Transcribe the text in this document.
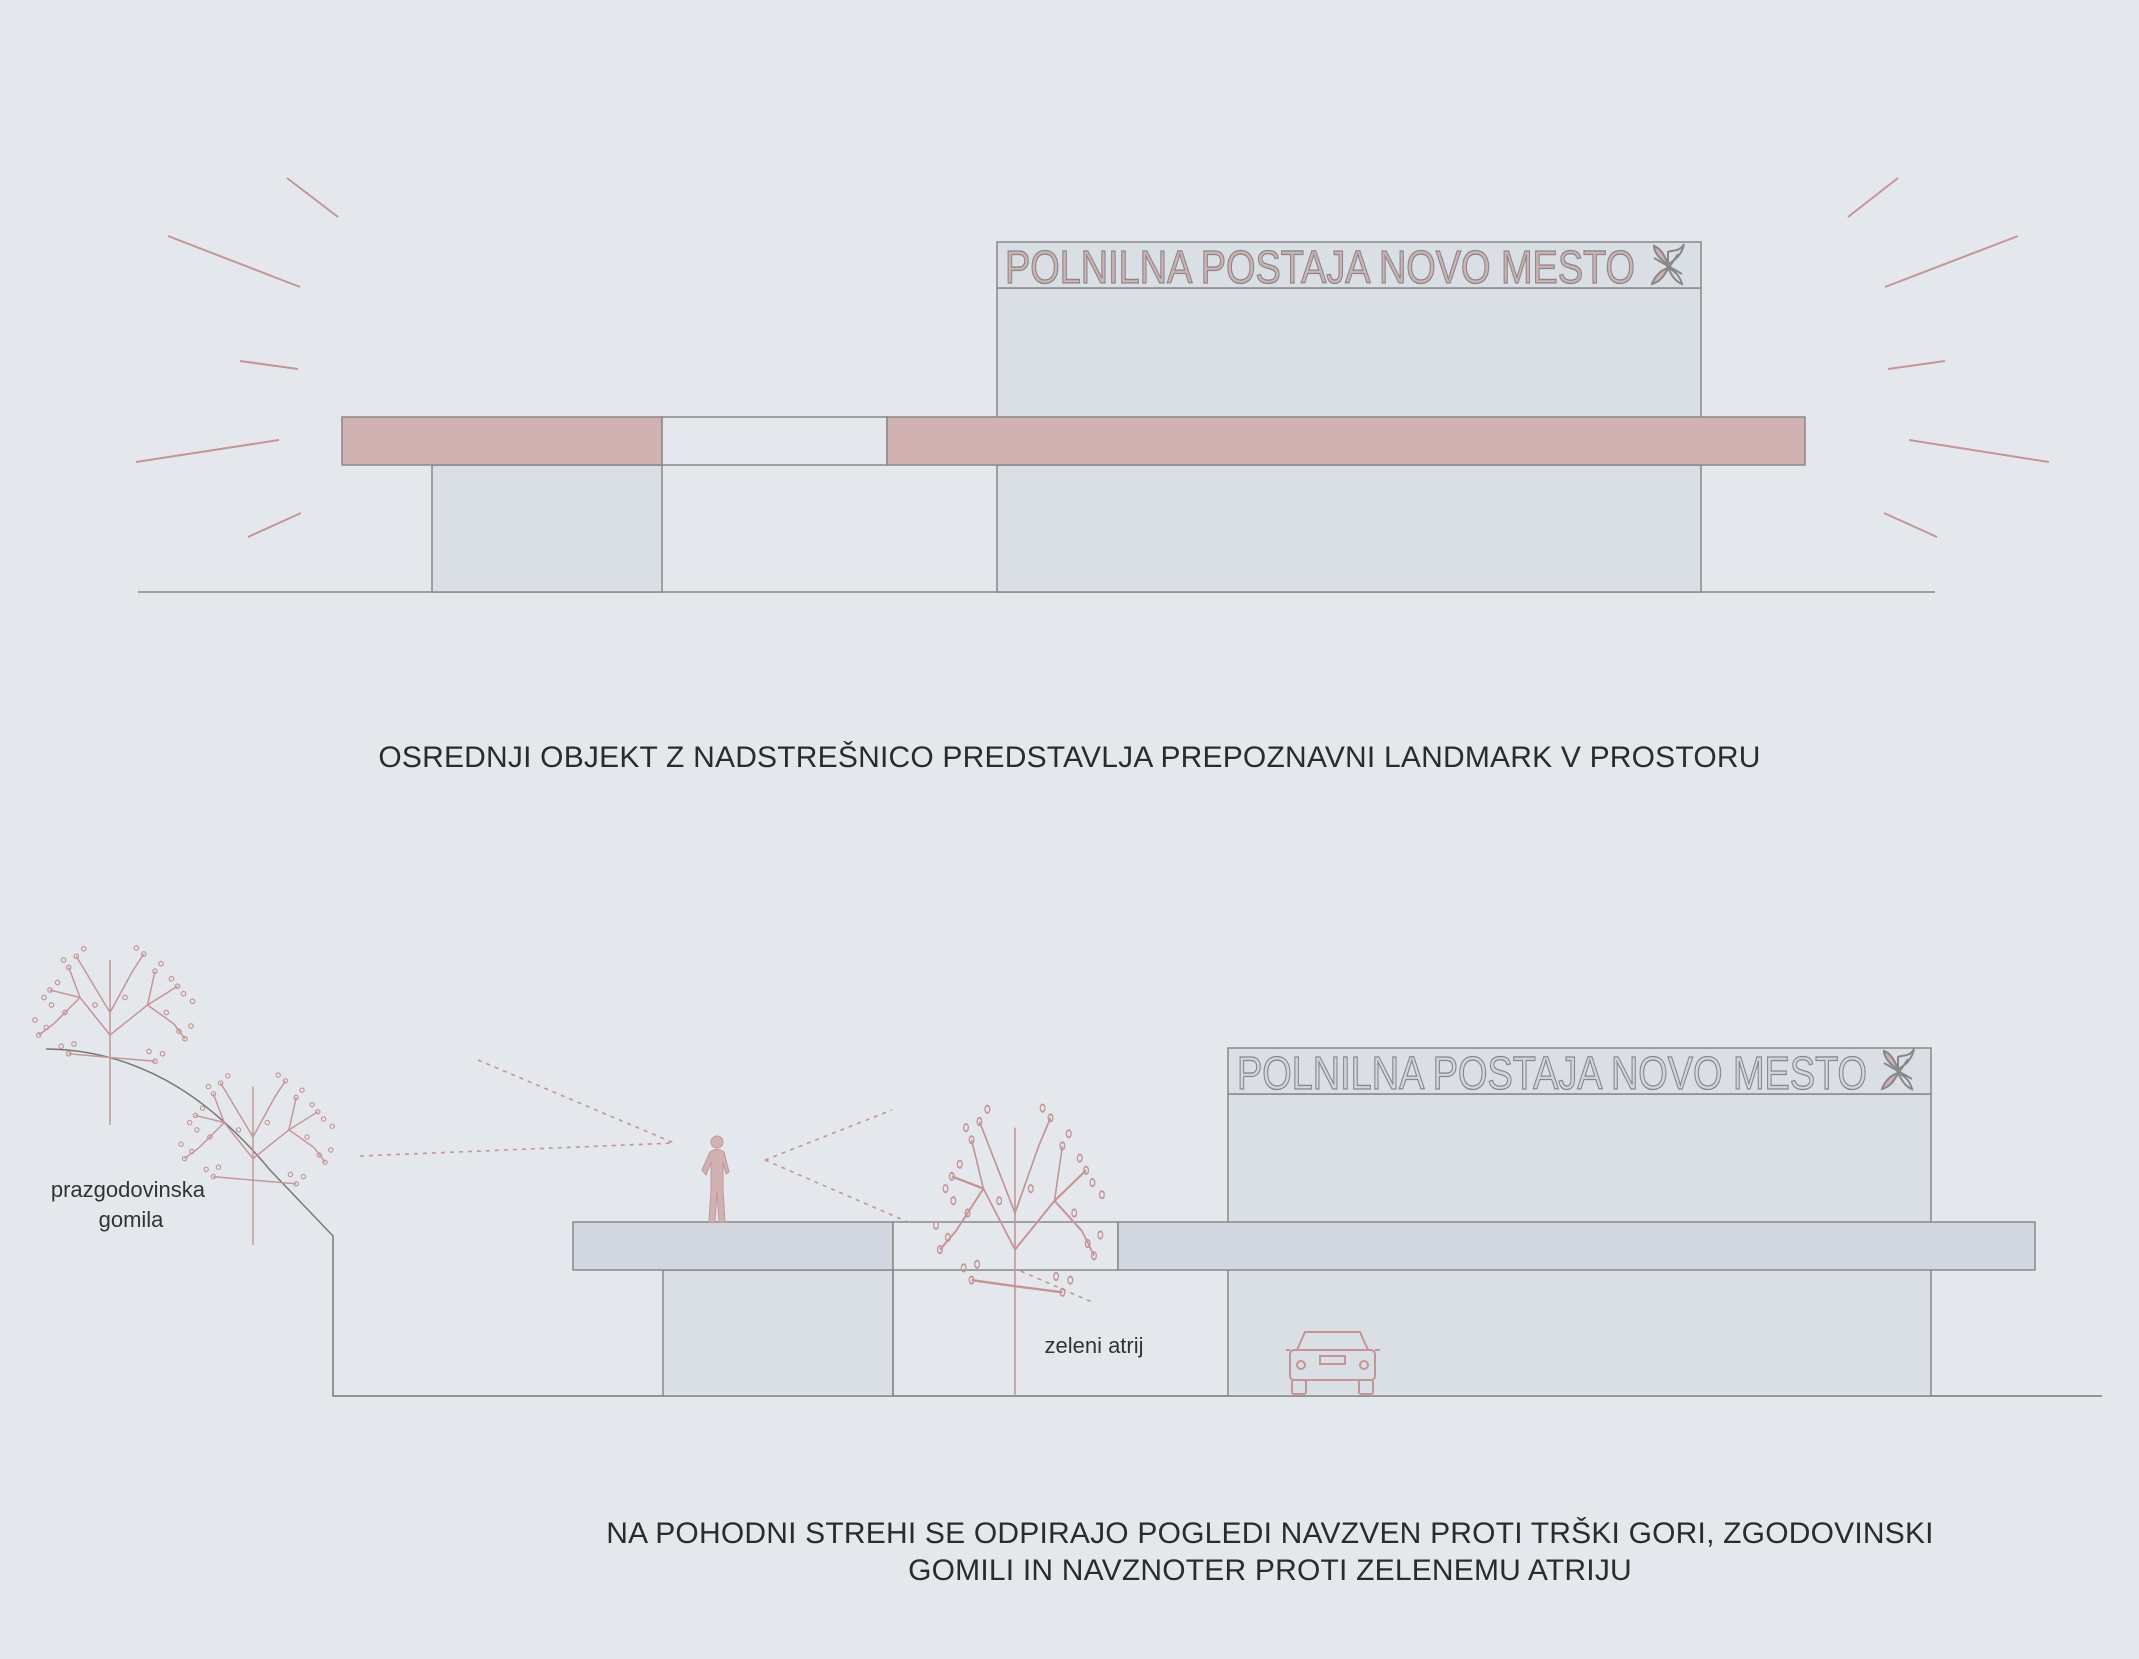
POLNILNA POSTAJA NOVO MESTO
POLNILNA POSTAJA NOVO MESTO
prazgodovinska gomila
zeleni atrij
OSREDNJI OBJEKT Z NADSTREŠNICO PREDSTAVLJA PREPOZNAVNI LANDMARK V PROSTORU
NA POHODNI STREHI SE ODPIRAJO POGLEDI NAVZVEN PROTI TRŠKI GORI, ZGODOVINSKI
GOMILI IN NAVZNOTER PROTI ZELENEMU ATRIJU
